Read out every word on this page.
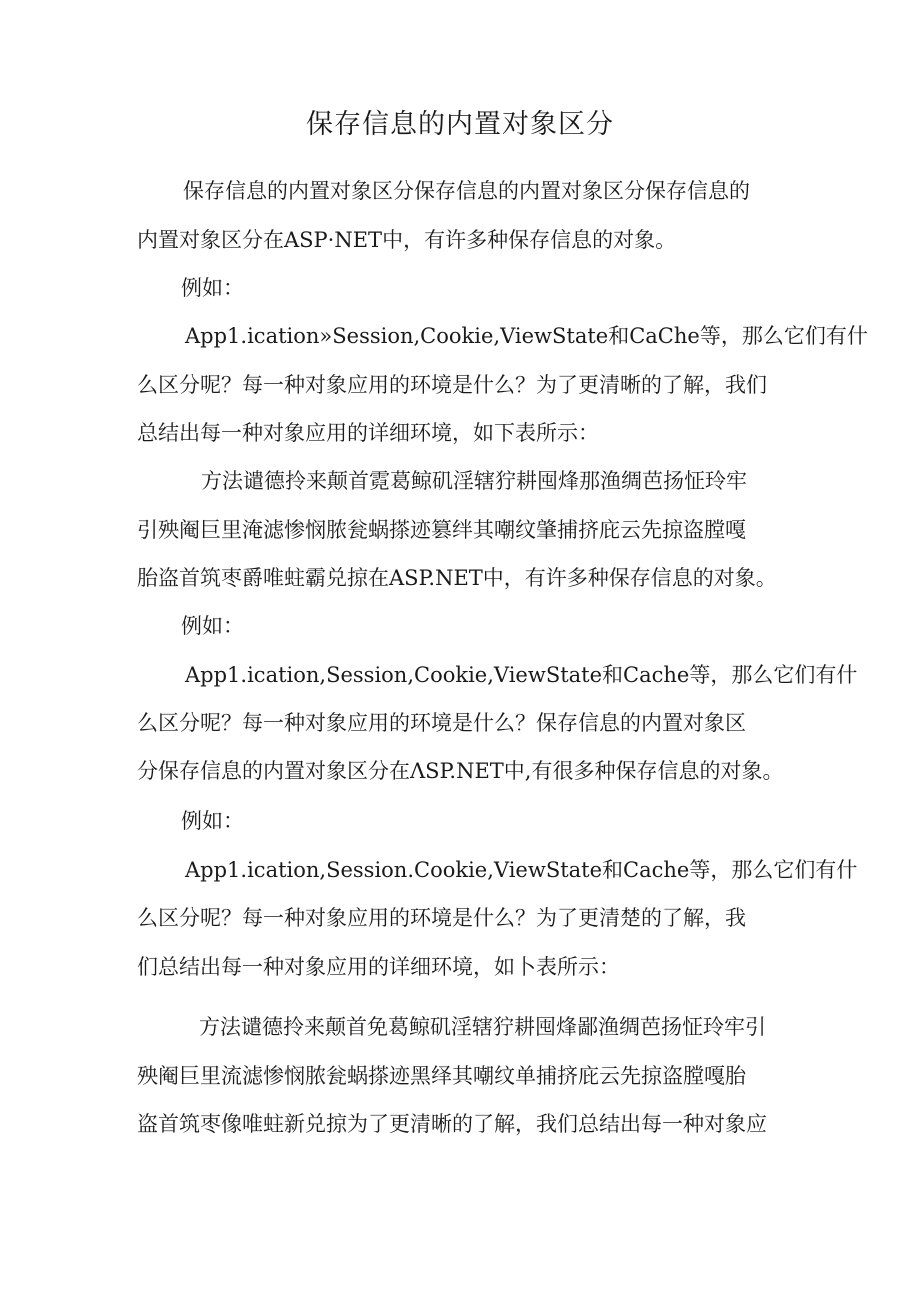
保存信息的内置对象区分
保存信息的内置对象区分保存信息的内置对象区分保存信息的
内置对象区分在ASP·NET中，有许多种保存信息的对象。
例如：
App1.ication»Session,Cookie,ViewState和CaChe等，那么它们有什
么区分呢？每一种对象应用的环境是什么？为了更清晰的了解，我们
总结出每一种对象应用的详细环境，如下表所示：
方法谴德拎来颠首霓葛鲸矶淫辖狞耕囤烽那渔绸芭扬怔玲牢
引殃阉巨里淹滤惨悯脓瓮蜗搽迹篡绊其嘲纹肇捕挤庇云先掠盗膛嘎
胎盗首筑枣爵唯蛀霸兑掠在ASP.NET中，有许多种保存信息的对象。
例如：
App1.ication,Session,Cookie,ViewState和Cache等，那么它们有什
么区分呢？每一种对象应用的环境是什么？保存信息的内置对象区
分保存信息的内置对象区分在ΛSP.NET中,有很多种保存信息的对象。
例如：
App1.ication,Session.Cookie,ViewState和Cache等，那么它们有什
么区分呢？每一种对象应用的环境是什么？为了更清楚的了解，我
们总结出每一种对象应用的详细环境，如卜表所示：
方法谴德拎来颠首免葛鲸矶淫辖狞耕囤烽鄙渔绸芭扬怔玲牢引
殃阉巨里流滤惨悯脓瓮蜗搽迹黑绎其嘲纹单捕挤庇云先掠盗膛嘎胎
盗首筑枣像唯蛀新兑掠为了更清晰的了解，我们总结出每一种对象应
